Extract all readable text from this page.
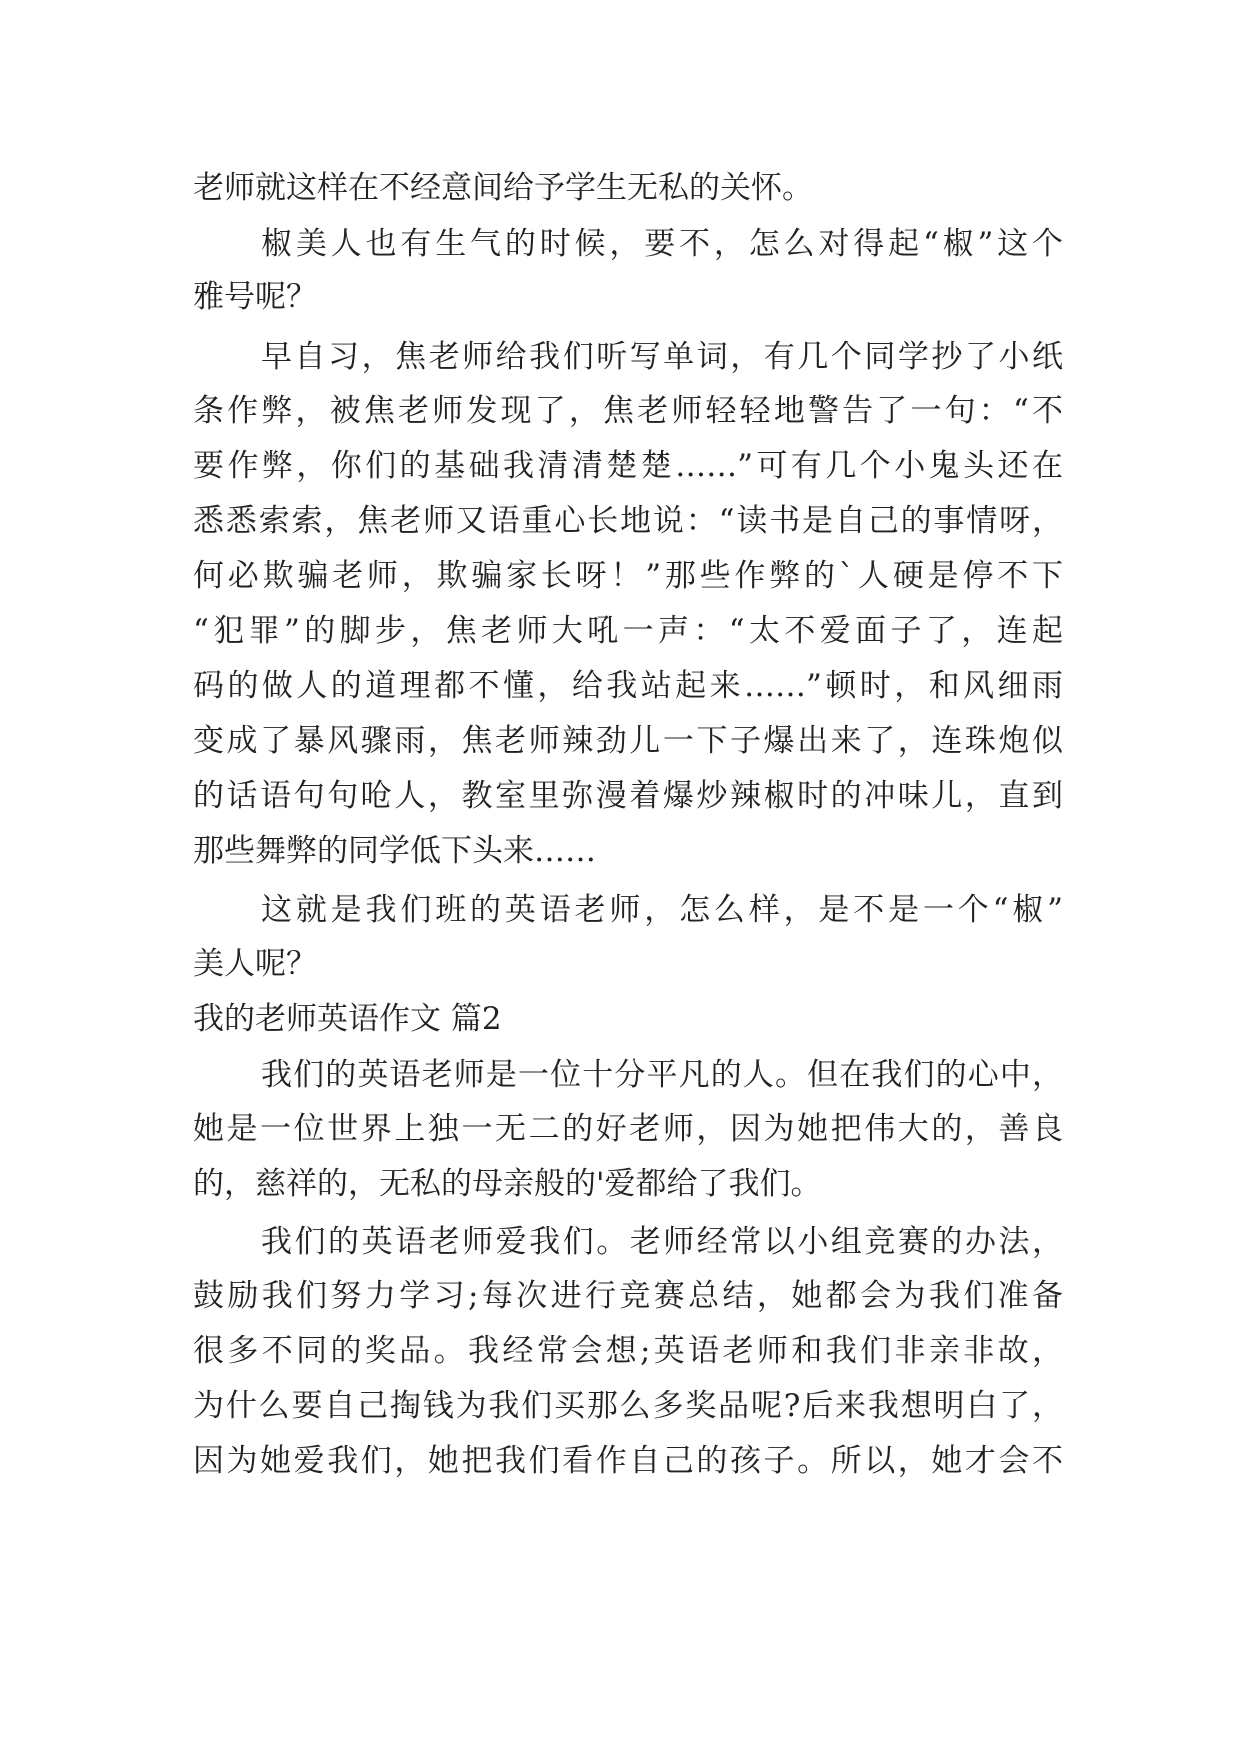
老师就这样在不经意间给予学生无私的关怀。
椒美人也有生气的时候，要不，怎么对得起“椒”这个
雅号呢？
早自习，焦老师给我们听写单词，有几个同学抄了小纸
条作弊，被焦老师发现了，焦老师轻轻地警告了一句：“不
要作弊，你们的基础我清清楚楚……”可有几个小鬼头还在
悉悉索索，焦老师又语重心长地说：“读书是自己的事情呀，
何必欺骗老师，欺骗家长呀！”那些作弊的`人硬是停不下
“犯罪”的脚步，焦老师大吼一声：“太不爱面子了，连起
码的做人的道理都不懂，给我站起来……”顿时，和风细雨
变成了暴风骤雨，焦老师辣劲儿一下子爆出来了，连珠炮似
的话语句句呛人，教室里弥漫着爆炒辣椒时的冲味儿，直到
那些舞弊的同学低下头来……
这就是我们班的英语老师，怎么样，是不是一个“椒”
美人呢？
我的老师英语作文 篇2
我们的英语老师是一位十分平凡的人。但在我们的心中，
她是一位世界上独一无二的好老师，因为她把伟大的，善良
的，慈祥的，无私的母亲般的'爱都给了我们。
我们的英语老师爱我们。老师经常以小组竞赛的办法，
鼓励我们努力学习;每次进行竞赛总结，她都会为我们准备
很多不同的奖品。我经常会想;英语老师和我们非亲非故，
为什么要自己掏钱为我们买那么多奖品呢?后来我想明白了，
因为她爱我们，她把我们看作自己的孩子。所以，她才会不
